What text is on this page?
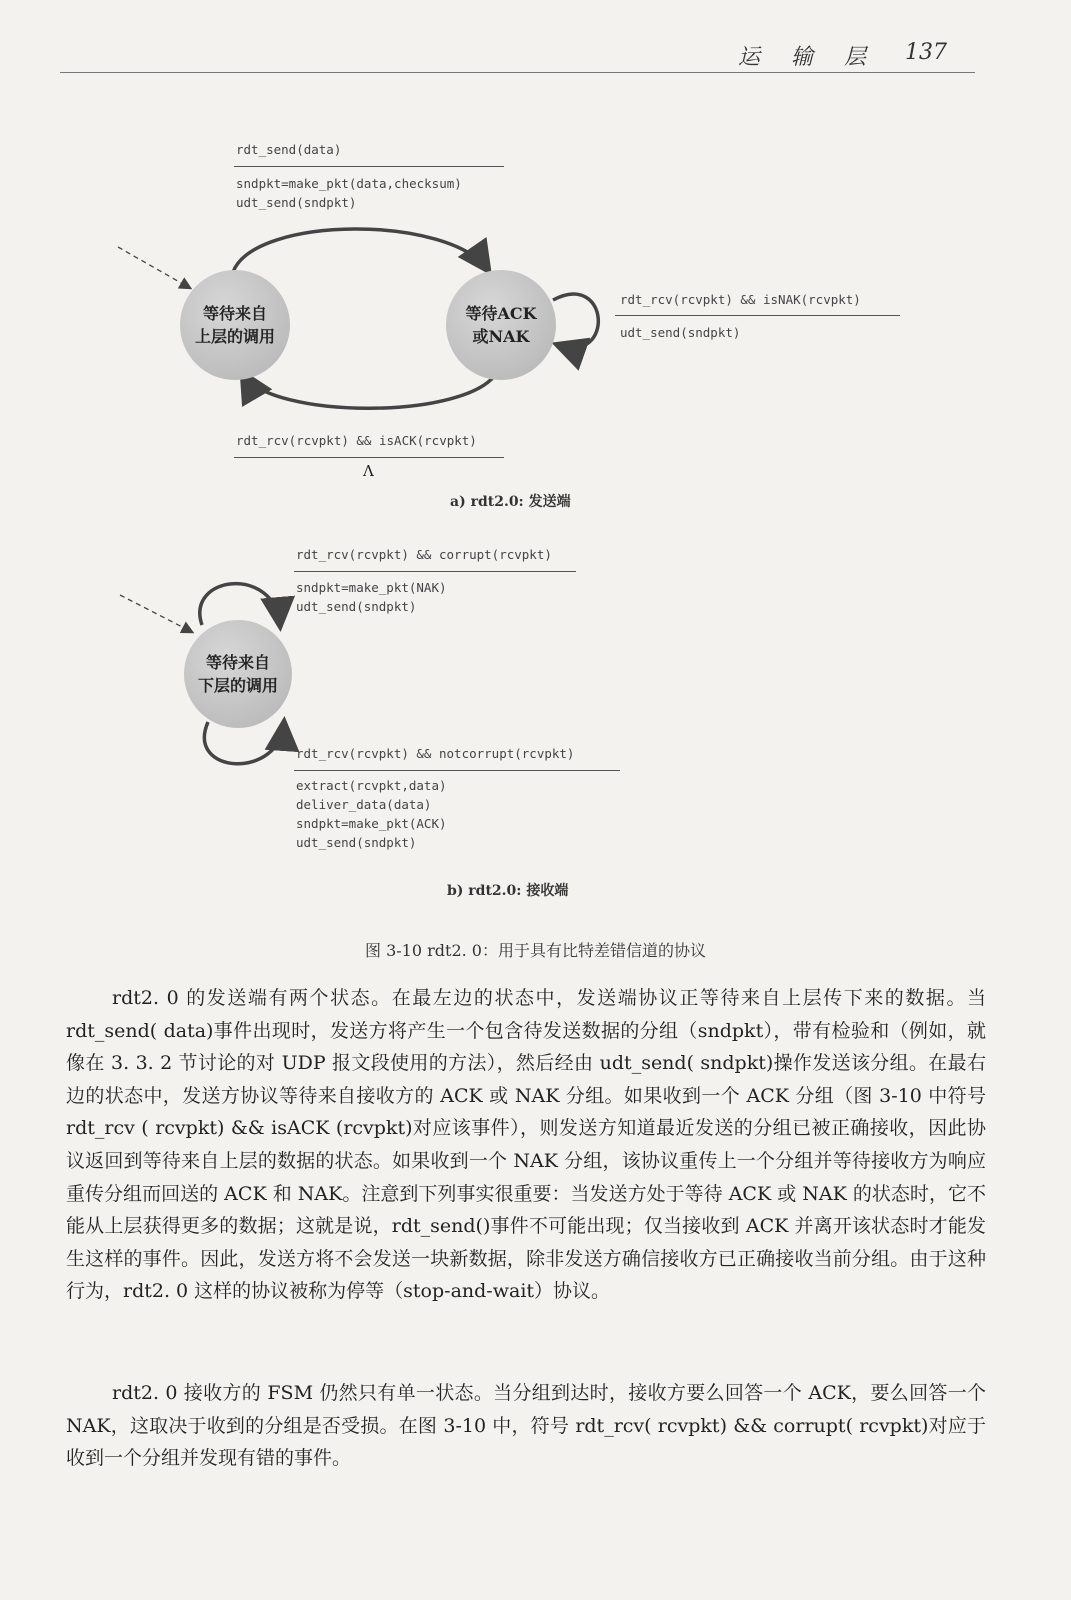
运 输 层 137
rdt_send(data)
sndpkt=make_pkt(data,checksum)
udt_send(sndpkt)
等待来自
上层的调用
等待ACK
或NAK
rdt_rcv(rcvpkt) && isNAK(rcvpkt)
udt_send(sndpkt)
rdt_rcv(rcvpkt) && isACK(rcvpkt)
Λ
a) rdt2.0: 发送端
rdt_rcv(rcvpkt) && corrupt(rcvpkt)
sndpkt=make_pkt(NAK)
udt_send(sndpkt)
等待来自
下层的调用
rdt_rcv(rcvpkt) && notcorrupt(rcvpkt)
extract(rcvpkt,data)
deliver_data(data)
sndpkt=make_pkt(ACK)
udt_send(sndpkt)
b) rdt2.0: 接收端
图 3-10 rdt2. 0：用于具有比特差错信道的协议

rdt2. 0 的发送端有两个状态。在最左边的状态中，发送端协议正等待来自上层传下来的数据。当 rdt_send( data)事件出现时，发送方将产生一个包含待发送数据的分组（sndpkt），带有检验和（例如，就像在 3. 3. 2 节讨论的对 UDP 报文段使用的方法），然后经由 udt_send( sndpkt)操作发送该分组。在最右边的状态中，发送方协议等待来自接收方的 ACK 或 NAK 分组。如果收到一个 ACK 分组（图 3-10 中符号 rdt_rcv ( rcvpkt) && isACK (rcvpkt)对应该事件），则发送方知道最近发送的分组已被正确接收，因此协议返回到等待来自上层的数据的状态。如果收到一个 NAK 分组，该协议重传上一个分组并等待接收方为响应重传分组而回送的 ACK 和 NAK。注意到下列事实很重要：当发送方处于等待 ACK 或 NAK 的状态时，它不能从上层获得更多的数据；这就是说，rdt_send()事件不可能出现；仅当接收到 ACK 并离开该状态时才能发生这样的事件。因此，发送方将不会发送一块新数据，除非发送方确信接收方已正确接收当前分组。由于这种行为，rdt2. 0 这样的协议被称为停等（stop-and-wait）协议。

rdt2. 0 接收方的 FSM 仍然只有单一状态。当分组到达时，接收方要么回答一个 ACK，要么回答一个 NAK，这取决于收到的分组是否受损。在图 3-10 中，符号 rdt_rcv( rcvpkt) && corrupt( rcvpkt)对应于收到一个分组并发现有错的事件。
